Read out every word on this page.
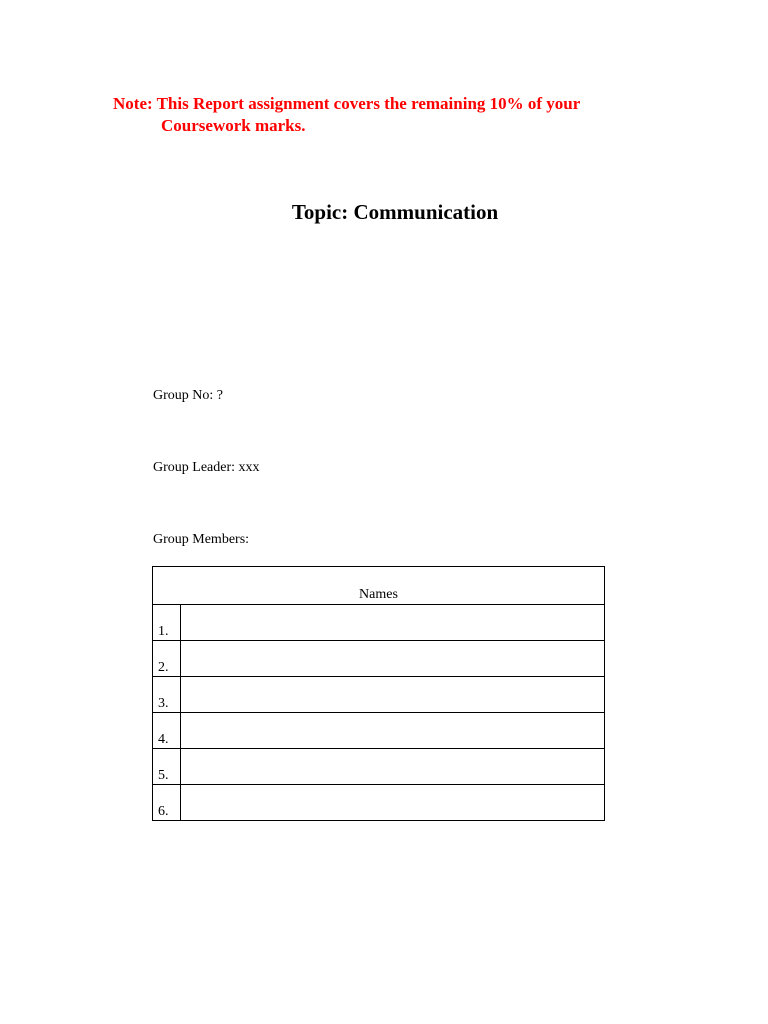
Note: This Report assignment covers the remaining 10% of your
Coursework marks.
Topic: Communication
Group No: ?
Group Leader: xxx
Group Members:
Names	
1.	
2.	
3.	
4.	
5.	
6.	
